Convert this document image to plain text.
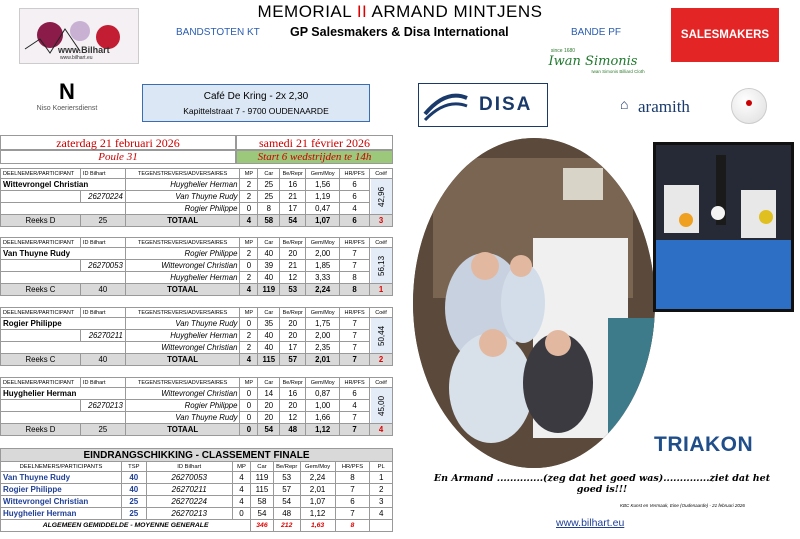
www.Bilhart
www.bilhart.eu
MEMORIAL II ARMAND MINTJENS
BANDSTOTEN KT GP Salesmakers & Disa International	BANDE PF	SALESMAKERS
since 1680
Iwan Simonis
Iwan Simonis Billiard Cloth
N
Niso Koeriersdienst
Café De Kring - 2x 2,30
Kapittelstraat 7 - 9700 OUDENAARDE	DISA	⌂ aramith
zaterdag 21 februari 2026	samedi 21 février 2026
Poule 31	Start 6 wedstrijden te 14h
DEELNEMER/PARTICIPANT	ID Bilhart	TEGENSTREVERS/ADVERSAIRES	MP	Car	Be/Repr	Gem/Moy	HR/PFS	Coëf
Wittevrongel Christian		Huyghelier Herman	2	25	16	1,56	6	42,96
	26270224	Van Thuyne Rudy	2	25	21	1,19	6	
		Rogier Philippe	0	8	17	0,47	4	
Reeks D	25	TOTAAL	4	58	54	1,07	6	3
DEELNEMER/PARTICIPANT	ID Bilhart	TEGENSTREVERS/ADVERSAIRES	MP	Car	Be/Repr	Gem/Moy	HR/PFS	Coëf
Van Thuyne Rudy		Rogier Philippe	2	40	20	2,00	7	56,13
	26270053	Wittevrongel Christian	0	39	21	1,85	7	
		Huyghelier Herman	2	40	12	3,33	8	
Reeks C	40	TOTAAL	4	119	53	2,24	8	1
DEELNEMER/PARTICIPANT	ID Bilhart	TEGENSTREVERS/ADVERSAIRES	MP	Car	Be/Repr	Gem/Moy	HR/PFS	Coëf
Rogier Philippe		Van Thuyne Rudy	0	35	20	1,75	7	50,44
	26270211	Huyghelier Herman	2	40	20	2,00	7	
		Wittevrongel Christian	2	40	17	2,35	7	
Reeks C	40	TOTAAL	4	115	57	2,01	7	2
DEELNEMER/PARTICIPANT	ID Bilhart	TEGENSTREVERS/ADVERSAIRES	MP	Car	Be/Repr	Gem/Moy	HR/PFS	Coëf
Huyghelier Herman		Wittevrongel Christian	0	14	16	0,87	6	45,00
	26270213	Rogier Philippe	0	20	20	1,00	4	
		Van Thuyne Rudy	0	20	12	1,66	7	
Reeks D	25	TOTAAL	0	54	48	1,12	7	4
EINDRANGSCHIKKING - CLASSEMENT FINALE								
DEELNEMERS/PARTICIPANTS	TSP	ID Bilhart	MP	Car	Be/Repr	Gem/Moy	HR/PFS	PL
Van Thuyne Rudy	40	26270053	4	119	53	2,24	8	1
Rogier Philippe	40	26270211	4	115	57	2,01	7	2
Wittevrongel Christian	25	26270224	4	58	54	1,07	6	3
Huyghelier Herman	25	26270213	0	54	48	1,12	7	4
ALGEMEEN GEMIDDELDE - MOYENNE GENERALE				346	212	1,63	8	
TRIAKON
En Armand ..............(zeg dat het goed was)..............ziet dat het goed is!!!
KBC Kunst en Vermaak, Eine (Oudenaarde) - 21 februari 2026
www.bilhart.eu
